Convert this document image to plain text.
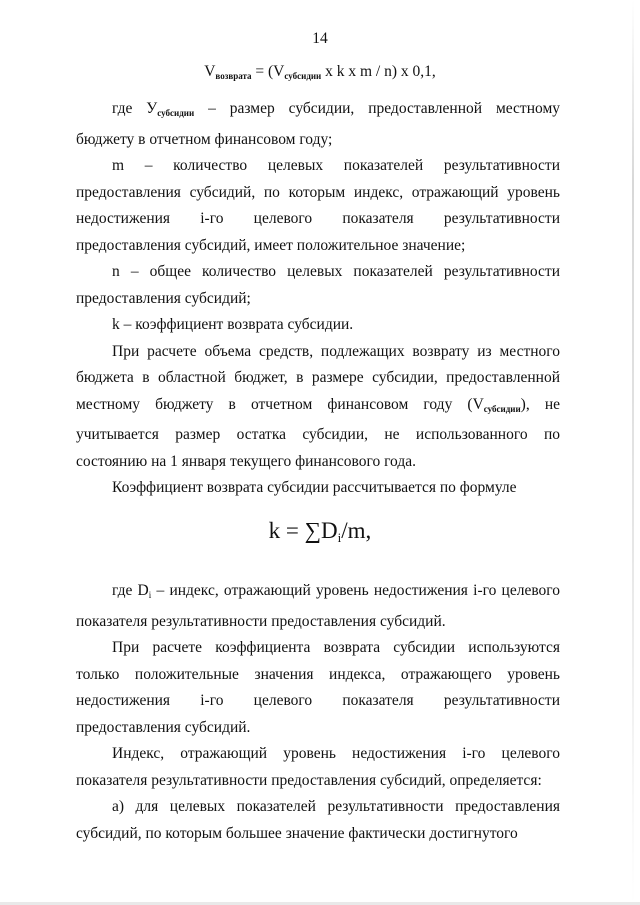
14
$V_{возврата} = (V_{субсидии}$ x k x m / n) x 0,1,

где $У_{субсидии}$ – размер субсидии, предоставленной местному бюджету в отчетном финансовом году;

m – количество целевых показателей результативности предоставления субсидий, по которым индекс, отражающий уровень недостижения i-го целевого показателя результативности предоставления субсидий, имеет положительное значение;

n – общее количество целевых показателей результативности предоставления субсидий;

k – коэффициент возврата субсидии.

При расчете объема средств, подлежащих возврату из местного бюджета в областной бюджет, в размере субсидии, предоставленной местному бюджету в отчетном финансовом году $(V_{субсидии})$, не учитывается размер остатка субсидии, не использованного по состоянию на 1 января текущего финансового года.

Коэффициент возврата субсидии рассчитывается по формуле

$k = \sum D_i/m$,

где $D_i$ – индекс, отражающий уровень недостижения i-го целевого показателя результативности предоставления субсидий.

При расчете коэффициента возврата субсидии используются только положительные значения индекса, отражающего уровень недостижения i-го целевого показателя результативности предоставления субсидий.

Индекс, отражающий уровень недостижения i-го целевого показателя результативности предоставления субсидий, определяется:

а) для целевых показателей результативности предоставления субсидий, по которым большее значение фактически достигнутого
